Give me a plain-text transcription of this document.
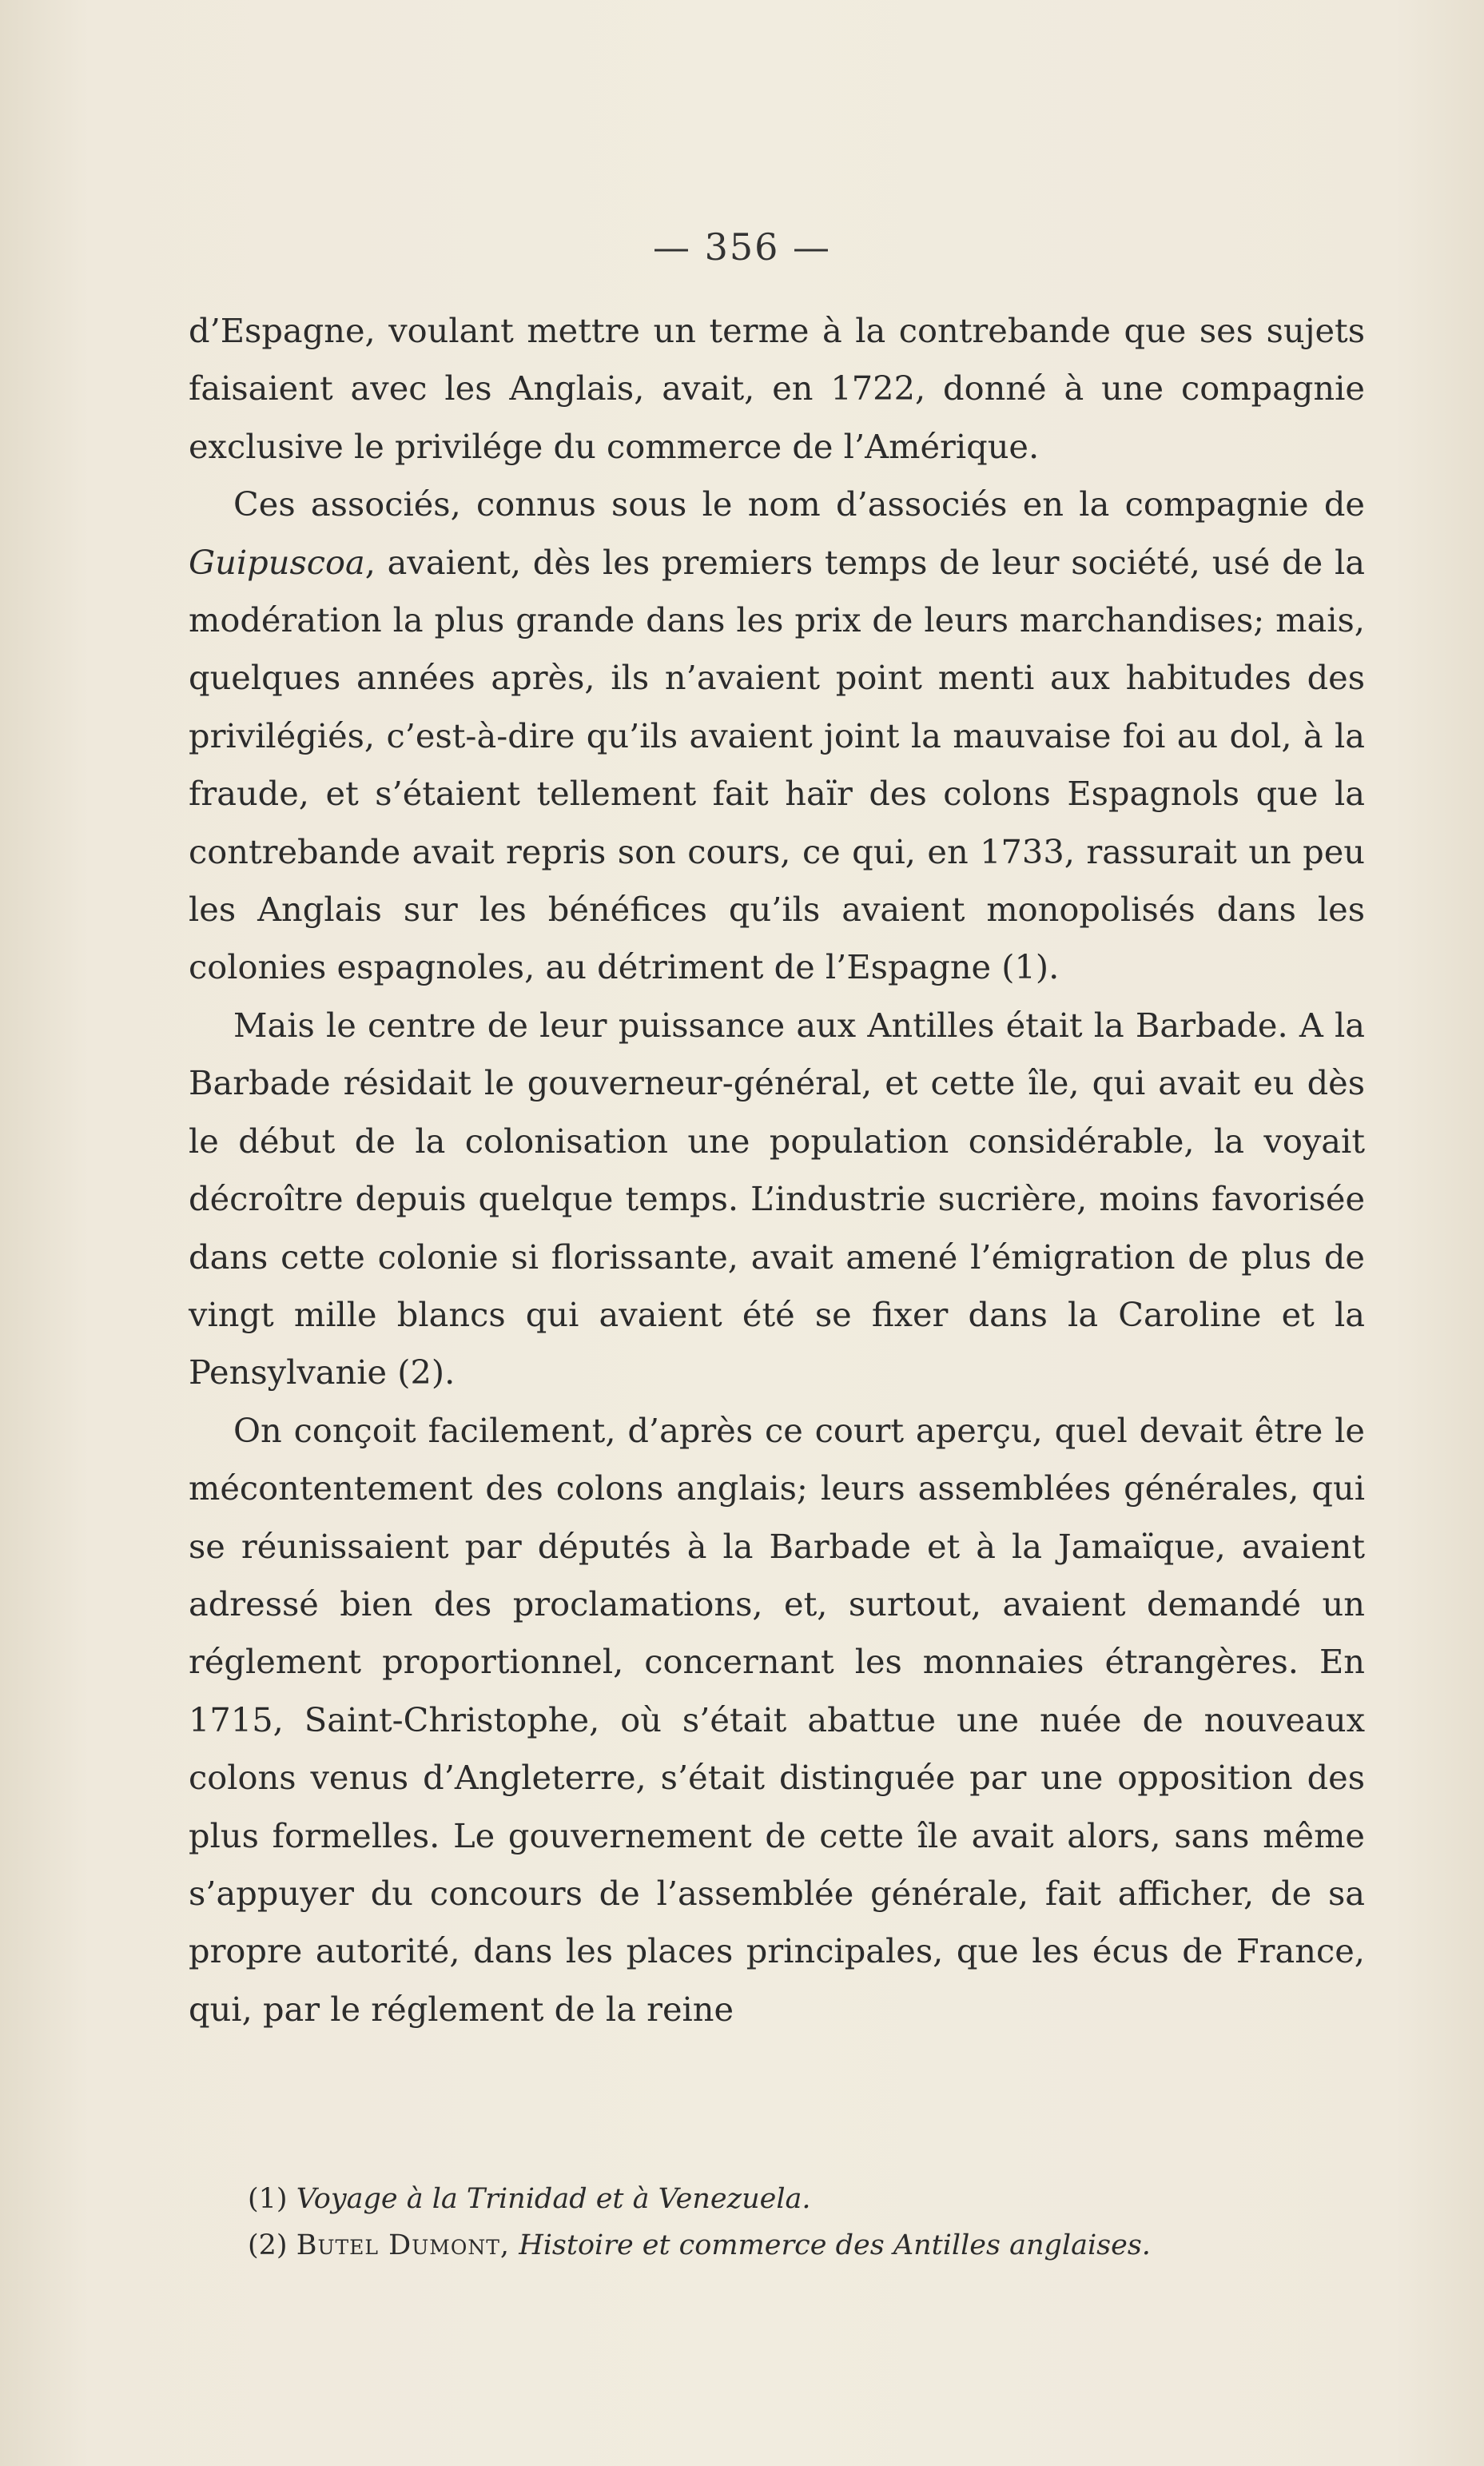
— 356 —

d’Espagne, voulant mettre un terme à la contrebande que ses sujets faisaient avec les Anglais, avait, en 1722, donné à une compagnie exclusive le privilége du commerce de l’Amérique.

Ces associés, connus sous le nom d’associés en la compagnie de Guipuscoa, avaient, dès les premiers temps de leur société, usé de la modération la plus grande dans les prix de leurs marchandises; mais, quelques années après, ils n’avaient point menti aux habitudes des privilégiés, c’est-à-dire qu’ils avaient joint la mauvaise foi au dol, à la fraude, et s’étaient tellement fait haïr des colons Espagnols que la contrebande avait repris son cours, ce qui, en 1733, rassurait un peu les Anglais sur les bénéfices qu’ils avaient monopolisés dans les colonies espagnoles, au détriment de l’Espagne (1).

Mais le centre de leur puissance aux Antilles était la Barbade. A la Barbade résidait le gouverneur-général, et cette île, qui avait eu dès le début de la colonisation une population considérable, la voyait décroître depuis quelque temps. L’industrie sucrière, moins favorisée dans cette colonie si florissante, avait amené l’émigration de plus de vingt mille blancs qui avaient été se fixer dans la Caroline et la Pensylvanie (2).

On conçoit facilement, d’après ce court aperçu, quel devait être le mécontentement des colons anglais; leurs assemblées générales, qui se réunissaient par députés à la Barbade et à la Jamaïque, avaient adressé bien des proclamations, et, surtout, avaient demandé un réglement proportionnel, concernant les monnaies étrangères. En 1715, Saint-Christophe, où s’était abattue une nuée de nouveaux colons venus d’Angleterre, s’était distinguée par une opposition des plus formelles. Le gouvernement de cette île avait alors, sans même s’appuyer du concours de l’assemblée générale, fait afficher, de sa propre autorité, dans les places principales, que les écus de France, qui, par le réglement de la reine

(1) Voyage à la Trinidad et à Venezuela.

(2) Butel Dumont, Histoire et commerce des Antilles anglaises.
